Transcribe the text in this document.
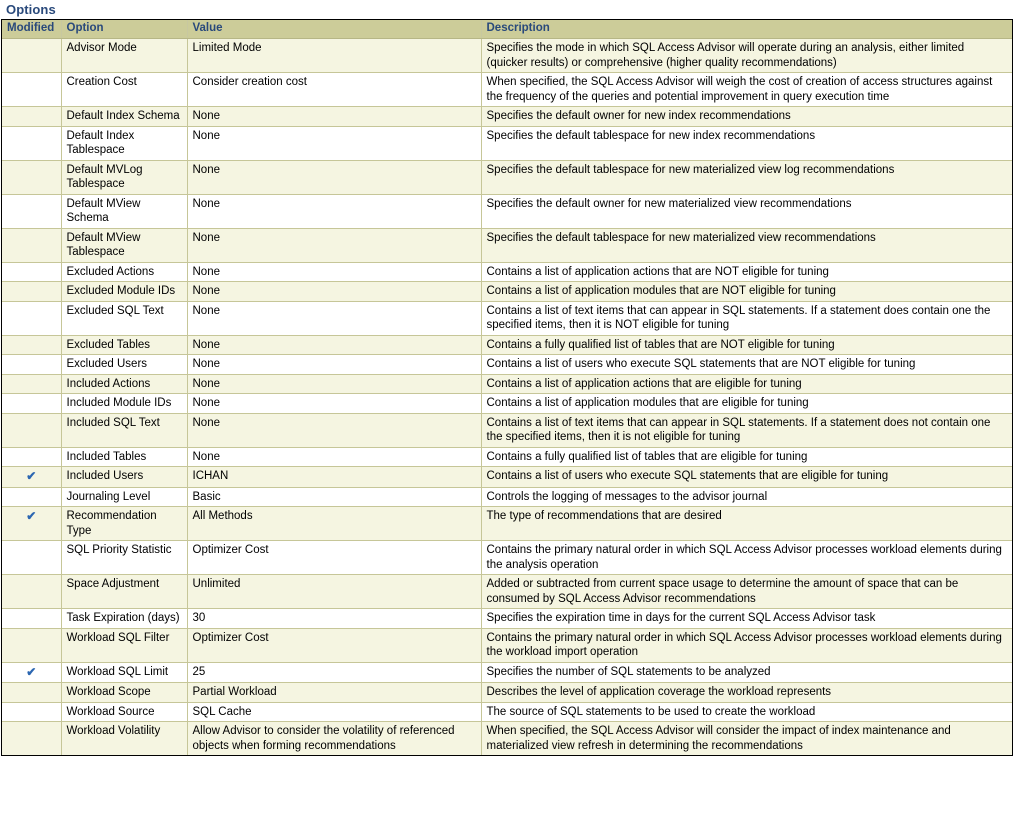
Options
Modified	Option	Value	Description
	Advisor Mode	Limited Mode	Specifies the mode in which SQL Access Advisor will operate during an analysis, either limited (quicker results) or comprehensive (higher quality recommendations)
	Creation Cost	Consider creation cost	When specified, the SQL Access Advisor will weigh the cost of creation of access structures against the frequency of the queries and potential improvement in query execution time
	Default Index Schema	None	Specifies the default owner for new index recommendations
	Default Index Tablespace	None	Specifies the default tablespace for new index recommendations
	Default MVLog Tablespace	None	Specifies the default tablespace for new materialized view log recommendations
	Default MView Schema	None	Specifies the default owner for new materialized view recommendations
	Default MView Tablespace	None	Specifies the default tablespace for new materialized view recommendations
	Excluded Actions	None	Contains a list of application actions that are NOT eligible for tuning
	Excluded Module IDs	None	Contains a list of application modules that are NOT eligible for tuning
	Excluded SQL Text	None	Contains a list of text items that can appear in SQL statements. If a statement does contain one the specified items, then it is NOT eligible for tuning
	Excluded Tables	None	Contains a fully qualified list of tables that are NOT eligible for tuning
	Excluded Users	None	Contains a list of users who execute SQL statements that are NOT eligible for tuning
	Included Actions	None	Contains a list of application actions that are eligible for tuning
	Included Module IDs	None	Contains a list of application modules that are eligible for tuning
	Included SQL Text	None	Contains a list of text items that can appear in SQL statements. If a statement does not contain one the specified items, then it is not eligible for tuning
	Included Tables	None	Contains a fully qualified list of tables that are eligible for tuning
✔	Included Users	ICHAN	Contains a list of users who execute SQL statements that are eligible for tuning
	Journaling Level	Basic	Controls the logging of messages to the advisor journal
✔	Recommendation Type	All Methods	The type of recommendations that are desired
	SQL Priority Statistic	Optimizer Cost	Contains the primary natural order in which SQL Access Advisor processes workload elements during the analysis operation
	Space Adjustment	Unlimited	Added or subtracted from current space usage to determine the amount of space that can be consumed by SQL Access Advisor recommendations
	Task Expiration (days)	30	Specifies the expiration time in days for the current SQL Access Advisor task
	Workload SQL Filter	Optimizer Cost	Contains the primary natural order in which SQL Access Advisor processes workload elements during the workload import operation
✔	Workload SQL Limit	25	Specifies the number of SQL statements to be analyzed
	Workload Scope	Partial Workload	Describes the level of application coverage the workload represents
	Workload Source	SQL Cache	The source of SQL statements to be used to create the workload
	Workload Volatility	Allow Advisor to consider the volatility of referenced objects when forming recommendations	When specified, the SQL Access Advisor will consider the impact of index maintenance and materialized view refresh in determining the recommendations
